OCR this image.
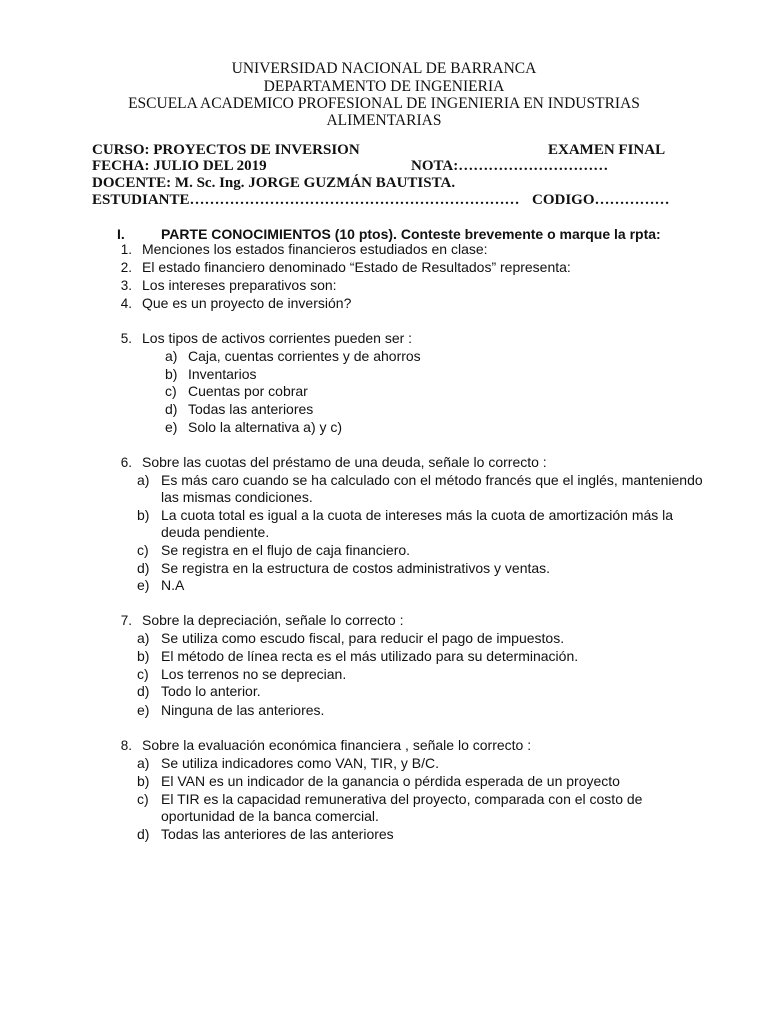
UNIVERSIDAD NACIONAL DE BARRANCA
DEPARTAMENTO DE INGENIERIA
ESCUELA ACADEMICO PROFESIONAL DE INGENIERIA EN INDUSTRIAS
ALIMENTARIAS
CURSO: PROYECTOS DE INVERSION	EXAMEN FINAL
FECHA: JULIO DEL 2019	NOTA:…………………………
DOCENTE: M. Sc. Ing. JORGE GUZMÁN BAUTISTA.
ESTUDIANTE………………………………………………………… CODIGO……………
I.	PARTE CONOCIMIENTOS (10 ptos). Conteste brevemente o marque la rpta:
1. Menciones los estados financieros estudiados en clase:
2. El estado financiero denominado “Estado de Resultados” representa:
3. Los intereses preparativos son:
4. Que es un proyecto de inversión?
5. Los tipos de activos corrientes pueden ser :
a) Caja, cuentas corrientes y de ahorros
b) Inventarios
c) Cuentas por cobrar
d) Todas las anteriores
e) Solo la alternativa a) y c)
6. Sobre las cuotas del préstamo de una deuda, señale lo correcto :
a) Es más caro cuando se ha calculado con el método francés que el inglés, manteniendo
las mismas condiciones.
b) La cuota total es igual a la cuota de intereses más la cuota de amortización más la
deuda pendiente.
c) Se registra en el flujo de caja financiero.
d) Se registra en la estructura de costos administrativos y ventas.
e) N.A
7. Sobre la depreciación, señale lo correcto :
a) Se utiliza como escudo fiscal, para reducir el pago de impuestos.
b) El método de línea recta es el más utilizado para su determinación.
c) Los terrenos no se deprecian.
d) Todo lo anterior.
e) Ninguna de las anteriores.
8. Sobre la evaluación económica financiera , señale lo correcto :
a) Se utiliza indicadores como VAN, TIR, y B/C.
b) El VAN es un indicador de la ganancia o pérdida esperada de un proyecto
c) El TIR es la capacidad remunerativa del proyecto, comparada con el costo de
oportunidad de la banca comercial.
d) Todas las anteriores de las anteriores
